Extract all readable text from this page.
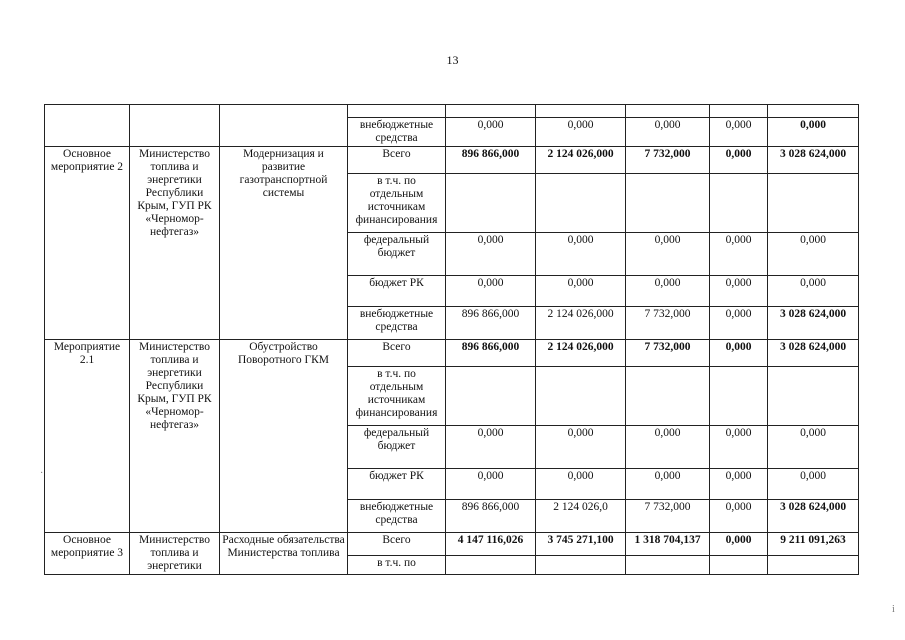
13

			внебюджетные средства	0,000	0,000	0,000	0,000	0,000
Основное мероприятие 2	Министерство топлива и энергетики Республики Крым, ГУП РК «Черномор-нефтегаз»	Модернизация и развитие газотранспортной системы	Всего	896 866,000	2 124 026,000	7 732,000	0,000	3 028 624,000
			в т.ч. по отдельным источникам финансирования					
			федеральный бюджет	0,000	0,000	0,000	0,000	0,000
			бюджет РК	0,000	0,000	0,000	0,000	0,000
			внебюджетные средства	896 866,000	2 124 026,000	7 732,000	0,000	3 028 624,000
Мероприятие 2.1	Министерство топлива и энергетики Республики Крым, ГУП РК «Черномор-нефтегаз»	Обустройство Поворотного ГКМ	Всего	896 866,000	2 124 026,000	7 732,000	0,000	3 028 624,000
			в т.ч. по отдельным источникам финансирования					
			федеральный бюджет	0,000	0,000	0,000	0,000	0,000
			бюджет РК	0,000	0,000	0,000	0,000	0,000
			внебюджетные средства	896 866,000	2 124 026,0	7 732,000	0,000	3 028 624,000
Основное мероприятие 3	Министерство топлива и энергетики	Расходные обязательства Министерства топлива	Всего	4 147 116,026	3 745 271,100	1 318 704,137	0,000	9 211 091,263
			в т.ч. по					
·
i
